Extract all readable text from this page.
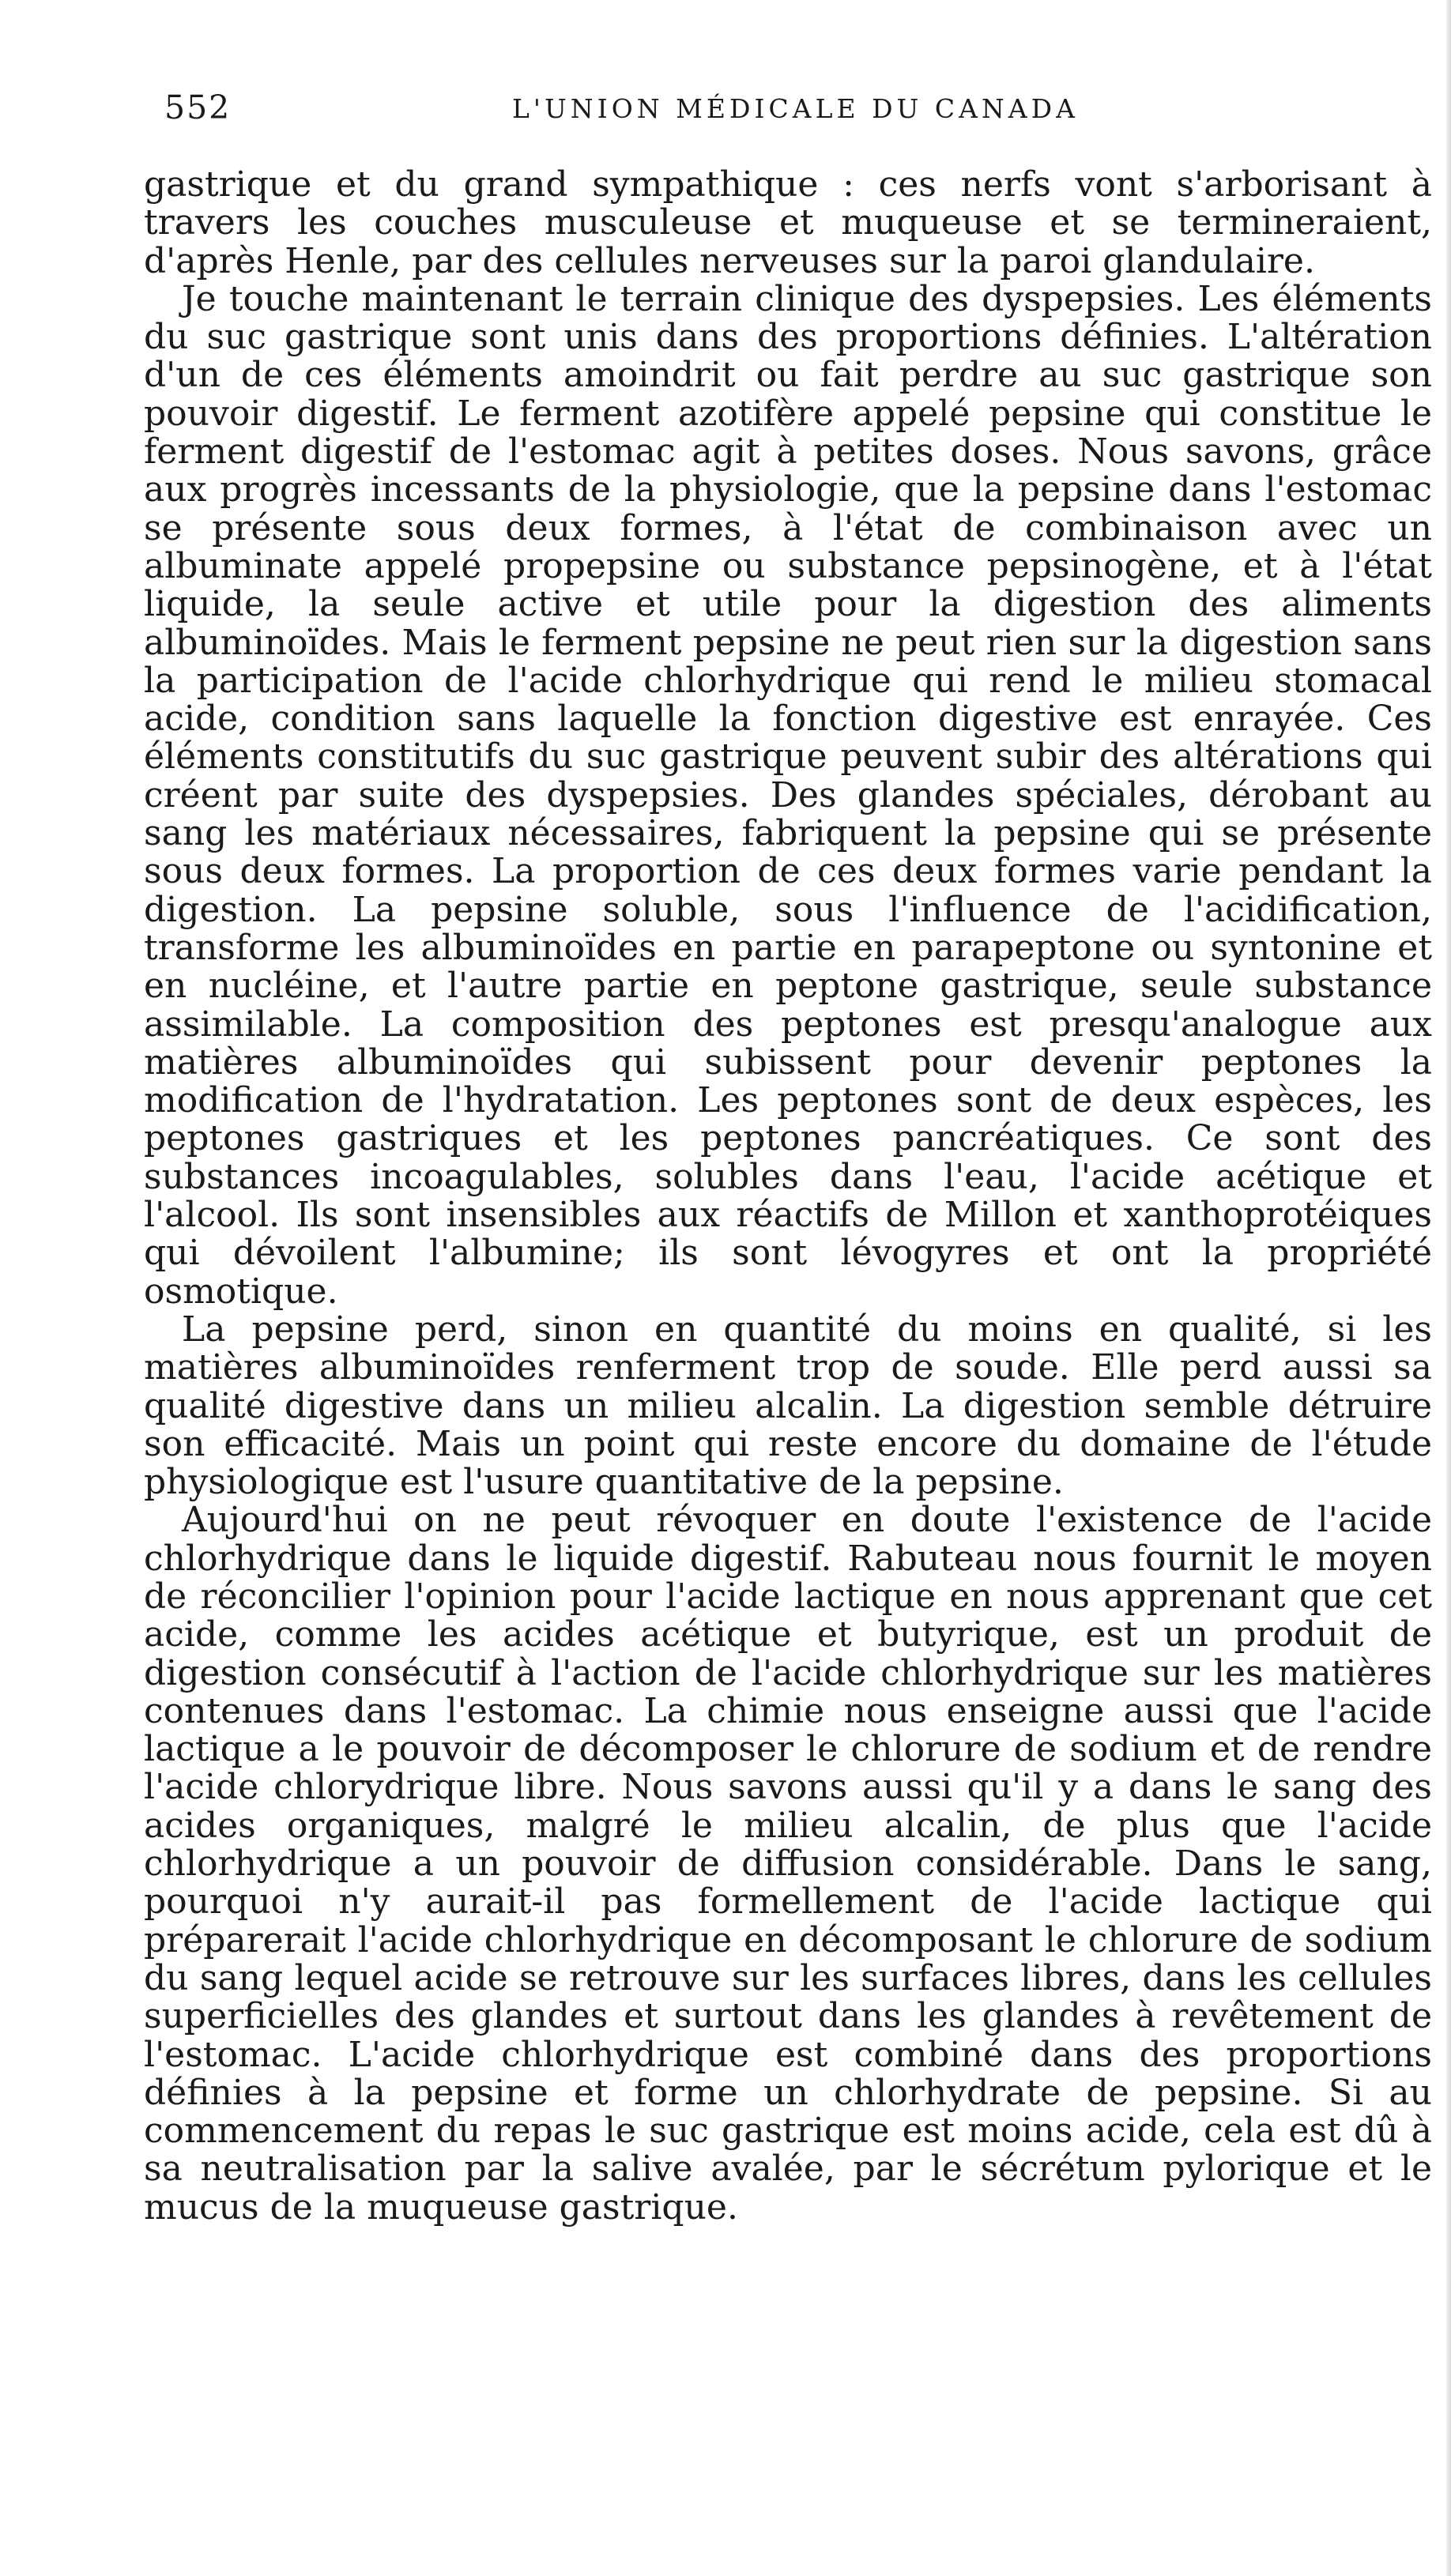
552	L'UNION MÉDICALE DU CANADA

gastrique et du grand sympathique : ces nerfs vont s'arborisant à travers les couches musculeuse et muqueuse et se termineraient, d'après Henle, par des cellules nerveuses sur la paroi glandulaire.

Je touche maintenant le terrain clinique des dyspepsies. Les éléments du suc gastrique sont unis dans des proportions définies. L'altération d'un de ces éléments amoindrit ou fait perdre au suc gastrique son pouvoir digestif. Le ferment azotifère appelé pepsine qui constitue le ferment digestif de l'estomac agit à petites doses. Nous savons, grâce aux progrès incessants de la physiologie, que la pepsine dans l'estomac se présente sous deux formes, à l'état de combinaison avec un albuminate appelé propepsine ou substance pepsinogène, et à l'état liquide, la seule active et utile pour la digestion des aliments albuminoïdes. Mais le ferment pepsine ne peut rien sur la digestion sans la participation de l'acide chlorhydrique qui rend le milieu stomacal acide, condition sans laquelle la fonction digestive est enrayée. Ces éléments constitutifs du suc gastrique peuvent subir des altérations qui créent par suite des dyspepsies. Des glandes spéciales, dérobant au sang les matériaux nécessaires, fabriquent la pepsine qui se présente sous deux formes. La proportion de ces deux formes varie pendant la digestion. La pepsine soluble, sous l'influence de l'acidification, transforme les albuminoïdes en partie en parapeptone ou syntonine et en nucléine, et l'autre partie en peptone gastrique, seule substance assimilable. La composition des peptones est presqu'analogue aux matières albuminoïdes qui subissent pour devenir peptones la modification de l'hydratation. Les peptones sont de deux espèces, les peptones gastriques et les peptones pancréatiques. Ce sont des substances incoagulables, solubles dans l'eau, l'acide acétique et l'alcool. Ils sont insensibles aux réactifs de Millon et xanthoprotéiques qui dévoilent l'albumine; ils sont lévogyres et ont la propriété osmotique.

La pepsine perd, sinon en quantité du moins en qualité, si les matières albuminoïdes renferment trop de soude. Elle perd aussi sa qualité digestive dans un milieu alcalin. La digestion semble détruire son efficacité. Mais un point qui reste encore du domaine de l'étude physiologique est l'usure quantitative de la pepsine.

Aujourd'hui on ne peut révoquer en doute l'existence de l'acide chlorhydrique dans le liquide digestif. Rabuteau nous fournit le moyen de réconcilier l'opinion pour l'acide lactique en nous apprenant que cet acide, comme les acides acétique et butyrique, est un produit de digestion consécutif à l'action de l'acide chlorhydrique sur les matières contenues dans l'estomac. La chimie nous enseigne aussi que l'acide lactique a le pouvoir de décomposer le chlorure de sodium et de rendre l'acide chlorydrique libre. Nous savons aussi qu'il y a dans le sang des acides organiques, malgré le milieu alcalin, de plus que l'acide chlorhydrique a un pouvoir de diffusion considérable. Dans le sang, pourquoi n'y aurait-il pas formellement de l'acide lactique qui préparerait l'acide chlorhydrique en décomposant le chlorure de sodium du sang lequel acide se retrouve sur les surfaces libres, dans les cellules superficielles des glandes et surtout dans les glandes à revêtement de l'estomac. L'acide chlorhydrique est combiné dans des proportions définies à la pepsine et forme un chlorhydrate de pepsine. Si au commencement du repas le suc gastrique est moins acide, cela est dû à sa neutralisation par la salive avalée, par le sécrétum pylorique et le mucus de la muqueuse gastrique.
